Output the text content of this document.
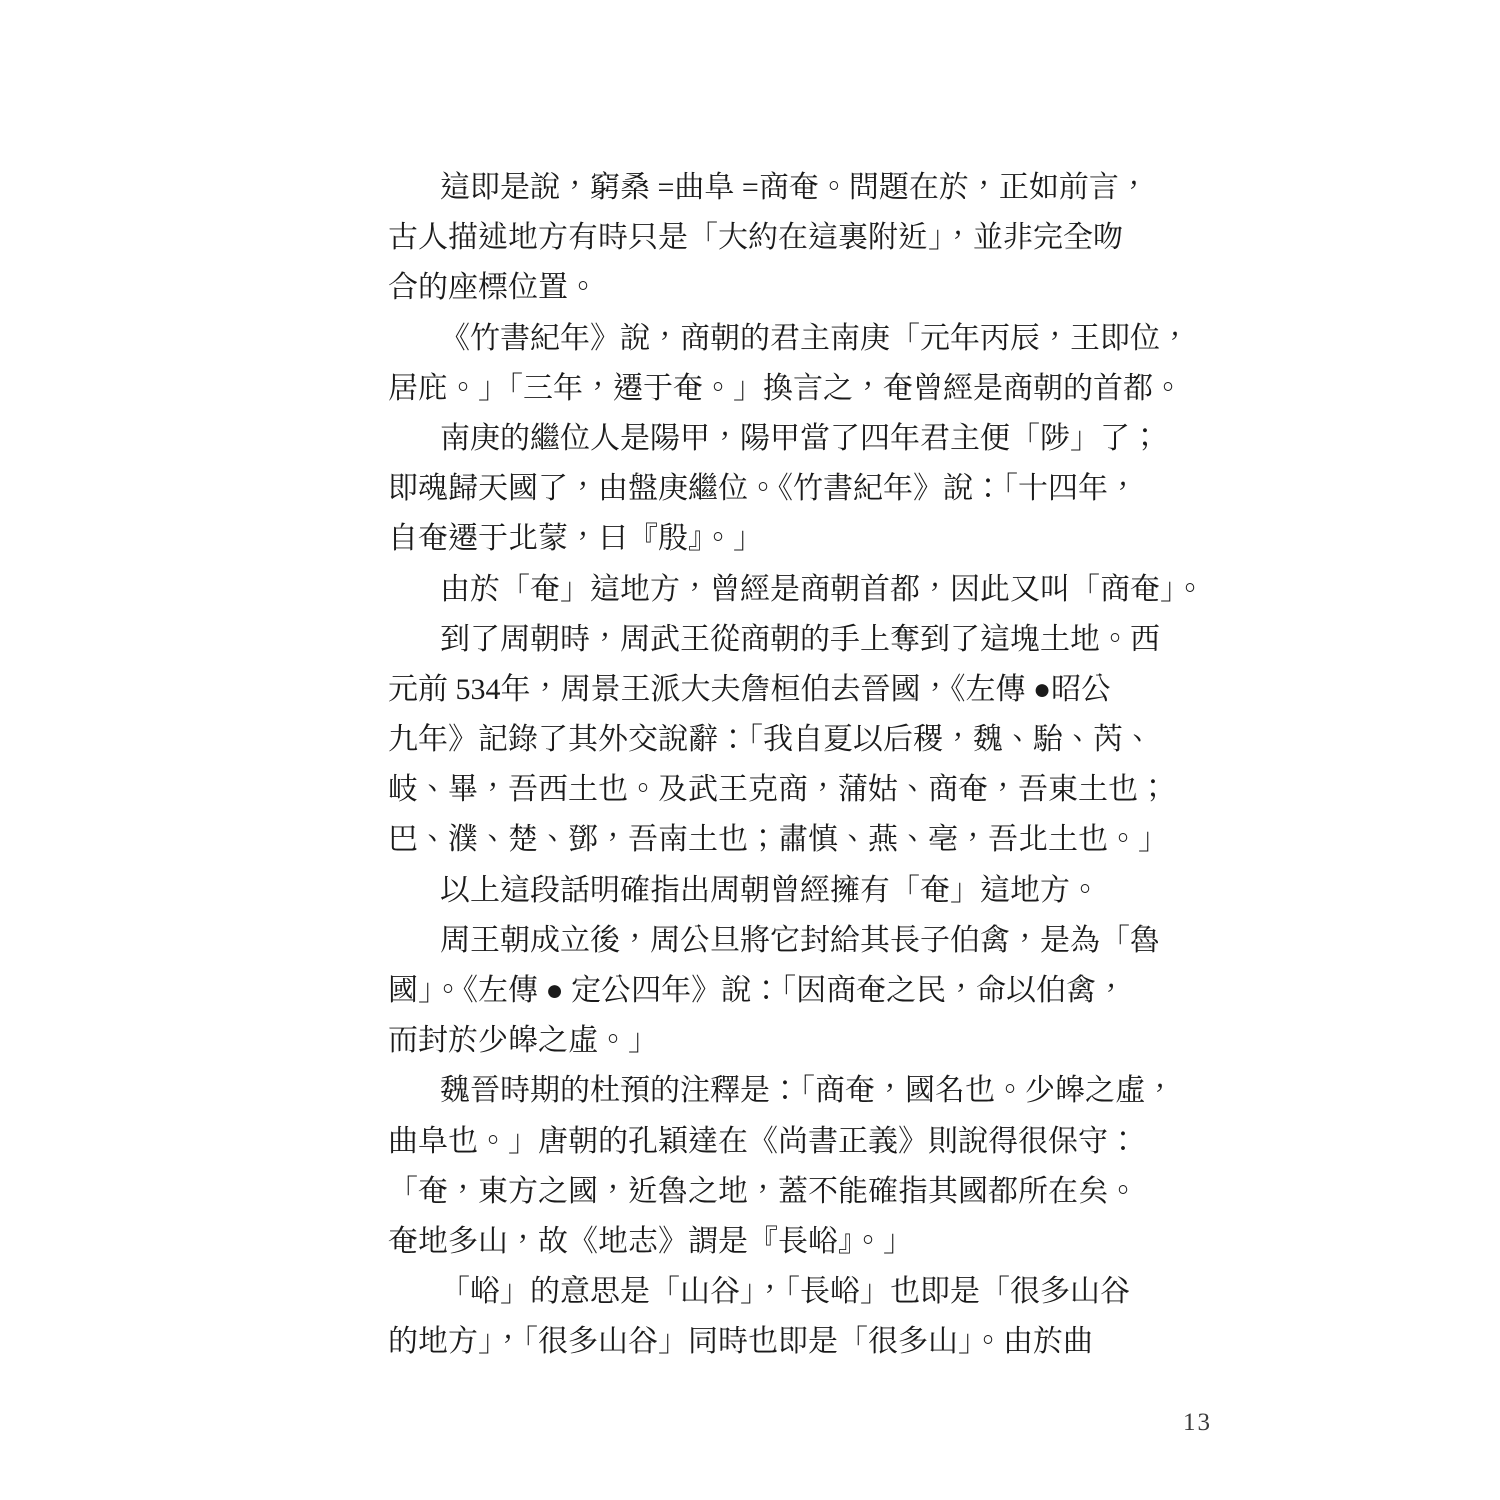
這即是說，窮桑 =曲阜 =商奄。問題在於，正如前言，
古人描述地方有時只是「大約在這裏附近」，並非完全吻
合的座標位置。
《竹書紀年》說，商朝的君主南庚「元年丙辰，王即位，
居庇。」「三年，遷于奄。」換言之，奄曾經是商朝的首都。
南庚的繼位人是陽甲，陽甲當了四年君主便「陟」了；
即魂歸天國了，由盤庚繼位。《竹書紀年》說：「十四年，
自奄遷于北蒙，曰『殷』。」
由於「奄」這地方，曾經是商朝首都，因此又叫「商奄」。
到了周朝時，周武王從商朝的手上奪到了這塊土地。西
元前 534年，周景王派大夫詹桓伯去晉國，《左傳 ●昭公
九年》記錄了其外交說辭：「我自夏以后稷，魏、駘、芮、
岐、畢，吾西土也。及武王克商，蒲姑、商奄，吾東土也；
巴、濮、楚、鄧，吾南土也；肅慎、燕、亳，吾北土也。」
以上這段話明確指出周朝曾經擁有「奄」這地方。
周王朝成立後，周公旦將它封給其長子伯禽，是為「魯
國」。《左傳 ● 定公四年》說：「因商奄之民，命以伯禽，
而封於少皞之虛。」
魏晉時期的杜預的注釋是：「商奄，國名也。少皞之虛，
曲阜也。」唐朝的孔穎達在《尚書正義》則說得很保守：
「奄，東方之國，近魯之地，蓋不能確指其國都所在矣。
奄地多山，故《地志》謂是『長峪』。」
「峪」的意思是「山谷」，「長峪」也即是「很多山谷
的地方」，「很多山谷」同時也即是「很多山」。由於曲
13
